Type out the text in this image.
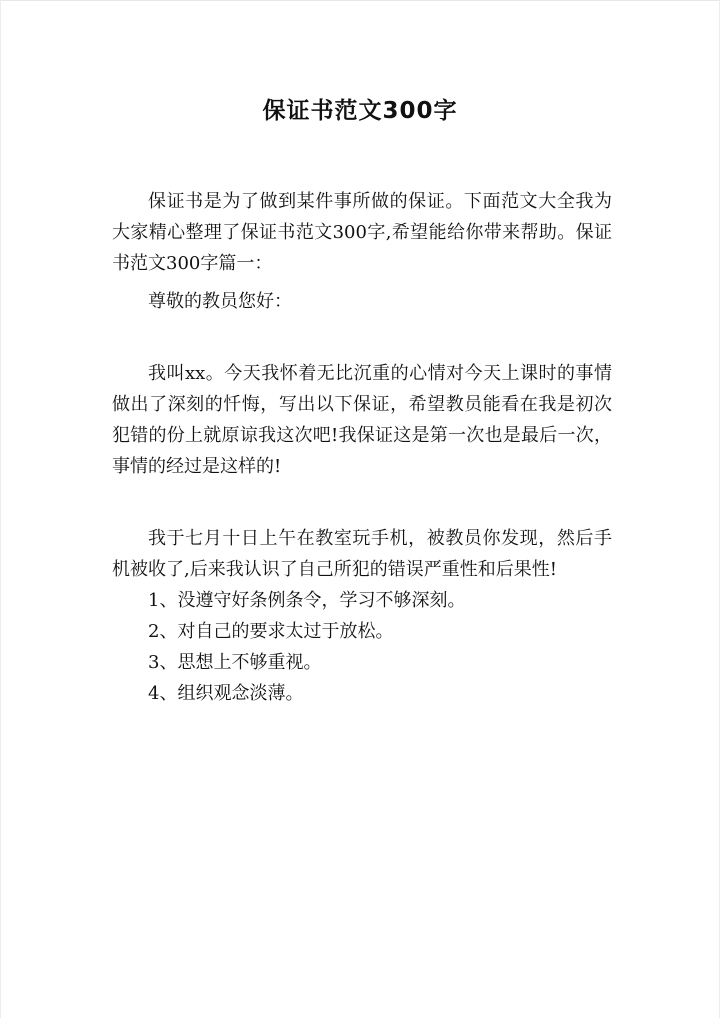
保证书范文300字

保证书是为了做到某件事所做的保证。下面范文大全我为大家精心整理了保证书范文300字,希望能给你带来帮助。保证书范文300字篇一：

尊敬的教员您好：

我叫xx。今天我怀着无比沉重的心情对今天上课时的事情做出了深刻的忏悔，写出以下保证，希望教员能看在我是初次犯错的份上就原谅我这次吧!我保证这是第一次也是最后一次，事情的经过是这样的!

我于七月十日上午在教室玩手机，被教员你发现，然后手机被收了,后来我认识了自己所犯的错误严重性和后果性!

1、没遵守好条例条令，学习不够深刻。

2、对自己的要求太过于放松。

3、思想上不够重视。

4、组织观念淡薄。
